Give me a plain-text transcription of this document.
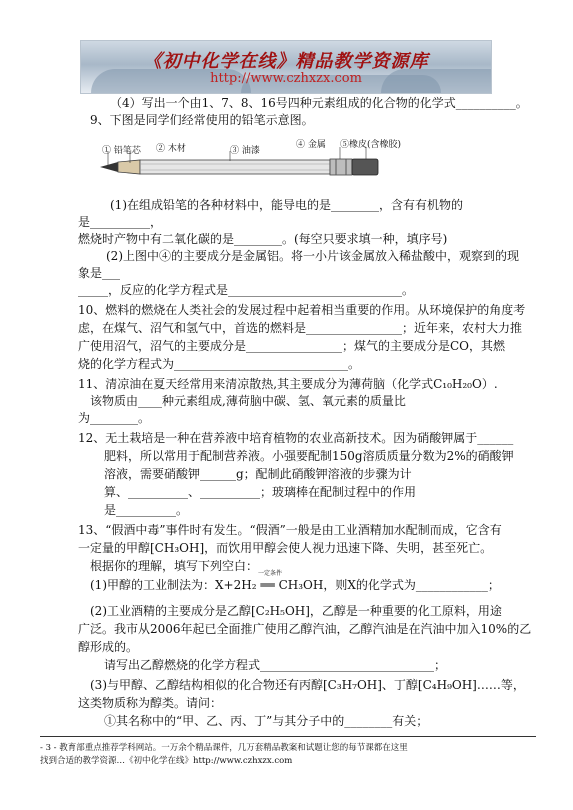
《初中化学在线》精品教学资源库
http://www.czhxzx.com
（4）写出一个由1、7、8、16号四种元素组成的化合物的化学式__________。
9、下图是同学们经常使用的铅笔示意图。
① 铅笔芯 ② 木材	③ 油漆
④ 金属 ⑤橡皮(含橡胶)
(1)在组成铅笔的各种材料中，能导电的是________，含有有机物的
是__________，
燃烧时产物中有二氧化碳的是________。(每空只要求填一种，填序号)
(2)上图中④的主要成分是金属铝。将一小片该金属放入稀盐酸中，观察到的现
象是___
_____，反应的化学方程式是_____________________________。
10、燃料的燃烧在人类社会的发展过程中起着相当重要的作用。从环境保护的角度考
虑，在煤气、沼气和氢气中，首选的燃料是________________；近年来，农村大力推
广使用沼气，沼气的主要成分是________________；煤气的主要成分是CO，其燃
烧的化学方程式为_____________________________。
11、清凉油在夏天经常用来清凉散热,其主要成分为薄荷脑（化学式C₁₀H₂₀O）.
该物质由____种元素组成,薄荷脑中碳、氢、氧元素的质量比
为________。
12、无土栽培是一种在营养液中培育植物的农业高新技术。因为硝酸钾属于______
肥料，所以常用于配制营养液。小强要配制150g溶质质量分数为2%的硝酸钾
溶液，需要硝酸钾______g；配制此硝酸钾溶液的步骤为计
算、__________、__________；玻璃棒在配制过程中的作用
是__________。
13、“假酒中毒”事件时有发生。“假酒”一般是由工业酒精加水配制而成，它含有
一定量的甲醇[CH₃OH]，而饮用甲醇会使人视力迅速下降、失明，甚至死亡。
根据你的理解，填写下列空白：
(1)甲醇的工业制法为：X+2H₂ ══ CH₃OH，则X的化学式为____________；
一定条件
(2)工业酒精的主要成分是乙醇[C₂H₅OH]，乙醇是一种重要的化工原料，用途
广泛。我市从2006年起已全面推广使用乙醇汽油，乙醇汽油是在汽油中加入10%的乙
醇形成的。
请写出乙醇燃烧的化学方程式_____________________________；
(3)与甲醇、乙醇结构相似的化合物还有丙醇[C₃H₇OH]、丁醇[C₄H₉OH]……等，
这类物质称为醇类。请问：
①其名称中的“甲、乙、丙、丁”与其分子中的________有关；
- 3 - 教育部重点推荐学科网站。一万余个精品课件，几万套精品教案和试题让您的每节课都在这里
找到合适的教学资源…《初中化学在线》http://www.czhxzx.com
